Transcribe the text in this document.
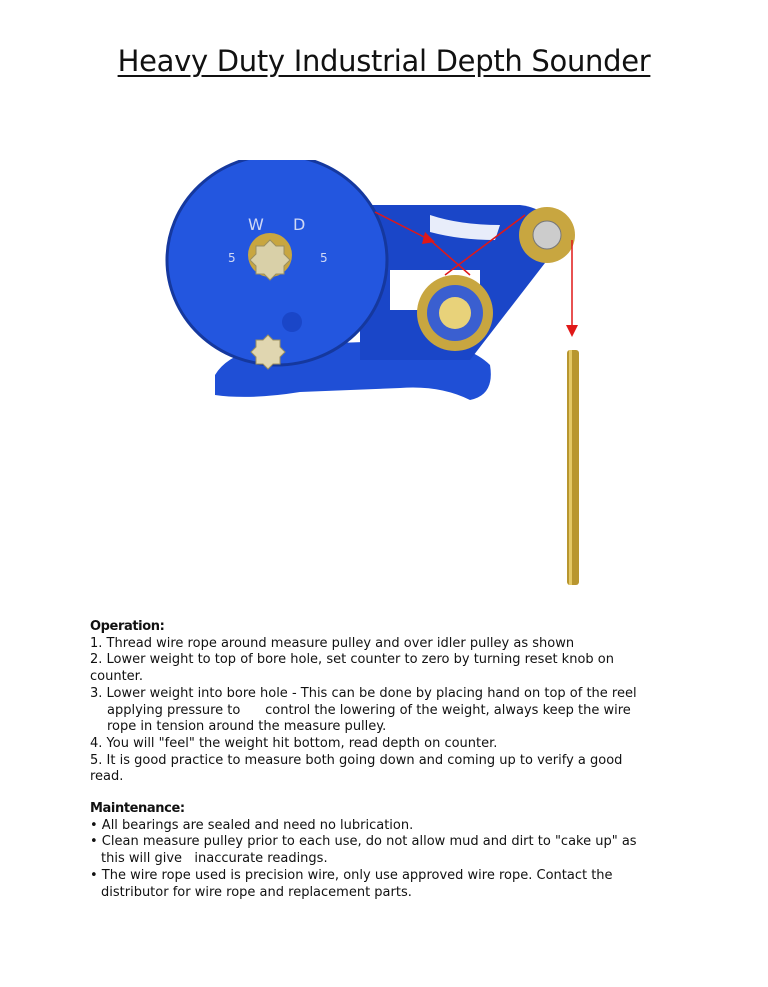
Heavy Duty Industrial Depth Sounder
W D
5	5
Operation:
1. Thread wire rope around measure pulley and over idler pulley as shown
2. Lower weight to top of bore hole, set counter to zero by turning reset knob on
counter.
3. Lower weight into bore hole - This can be done by placing hand on top of the reel
applying pressure to      control the lowering of the weight, always keep the wire
rope in tension around the measure pulley.
4. You will "feel" the weight hit bottom, read depth on counter.
5. It is good practice to measure both going down and coming up to verify a good
read.
Maintenance:
• All bearings are sealed and need no lubrication.
• Clean measure pulley prior to each use, do not allow mud and dirt to "cake up" as
this will give   inaccurate readings.
• The wire rope used is precision wire, only use approved wire rope. Contact the
distributor for wire rope and replacement parts.
